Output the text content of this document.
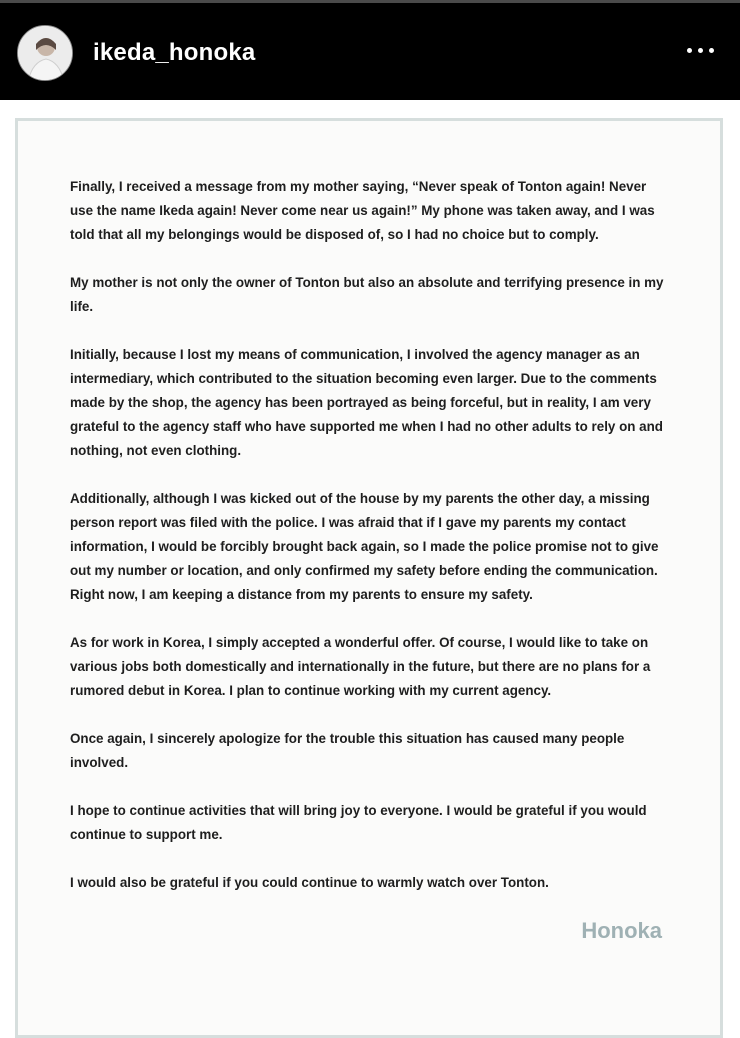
ikeda_honoka

Finally, I received a message from my mother saying, “Never speak of Tonton again! Never use the name Ikeda again! Never come near us again!” My phone was taken away, and I was told that all my belongings would be disposed of, so I had no choice but to comply.

My mother is not only the owner of Tonton but also an absolute and terrifying presence in my life.

Initially, because I lost my means of communication, I involved the agency manager as an intermediary, which contributed to the situation becoming even larger. Due to the comments made by the shop, the agency has been portrayed as being forceful, but in reality, I am very grateful to the agency staff who have supported me when I had no other adults to rely on and nothing, not even clothing.

Additionally, although I was kicked out of the house by my parents the other day, a missing person report was filed with the police. I was afraid that if I gave my parents my contact information, I would be forcibly brought back again, so I made the police promise not to give out my number or location, and only confirmed my safety before ending the communication. Right now, I am keeping a distance from my parents to ensure my safety.

As for work in Korea, I simply accepted a wonderful offer. Of course, I would like to take on various jobs both domestically and internationally in the future, but there are no plans for a rumored debut in Korea. I plan to continue working with my current agency.

Once again, I sincerely apologize for the trouble this situation has caused many people involved.

I hope to continue activities that will bring joy to everyone. I would be grateful if you would continue to support me.

I would also be grateful if you could continue to warmly watch over Tonton.

Honoka
